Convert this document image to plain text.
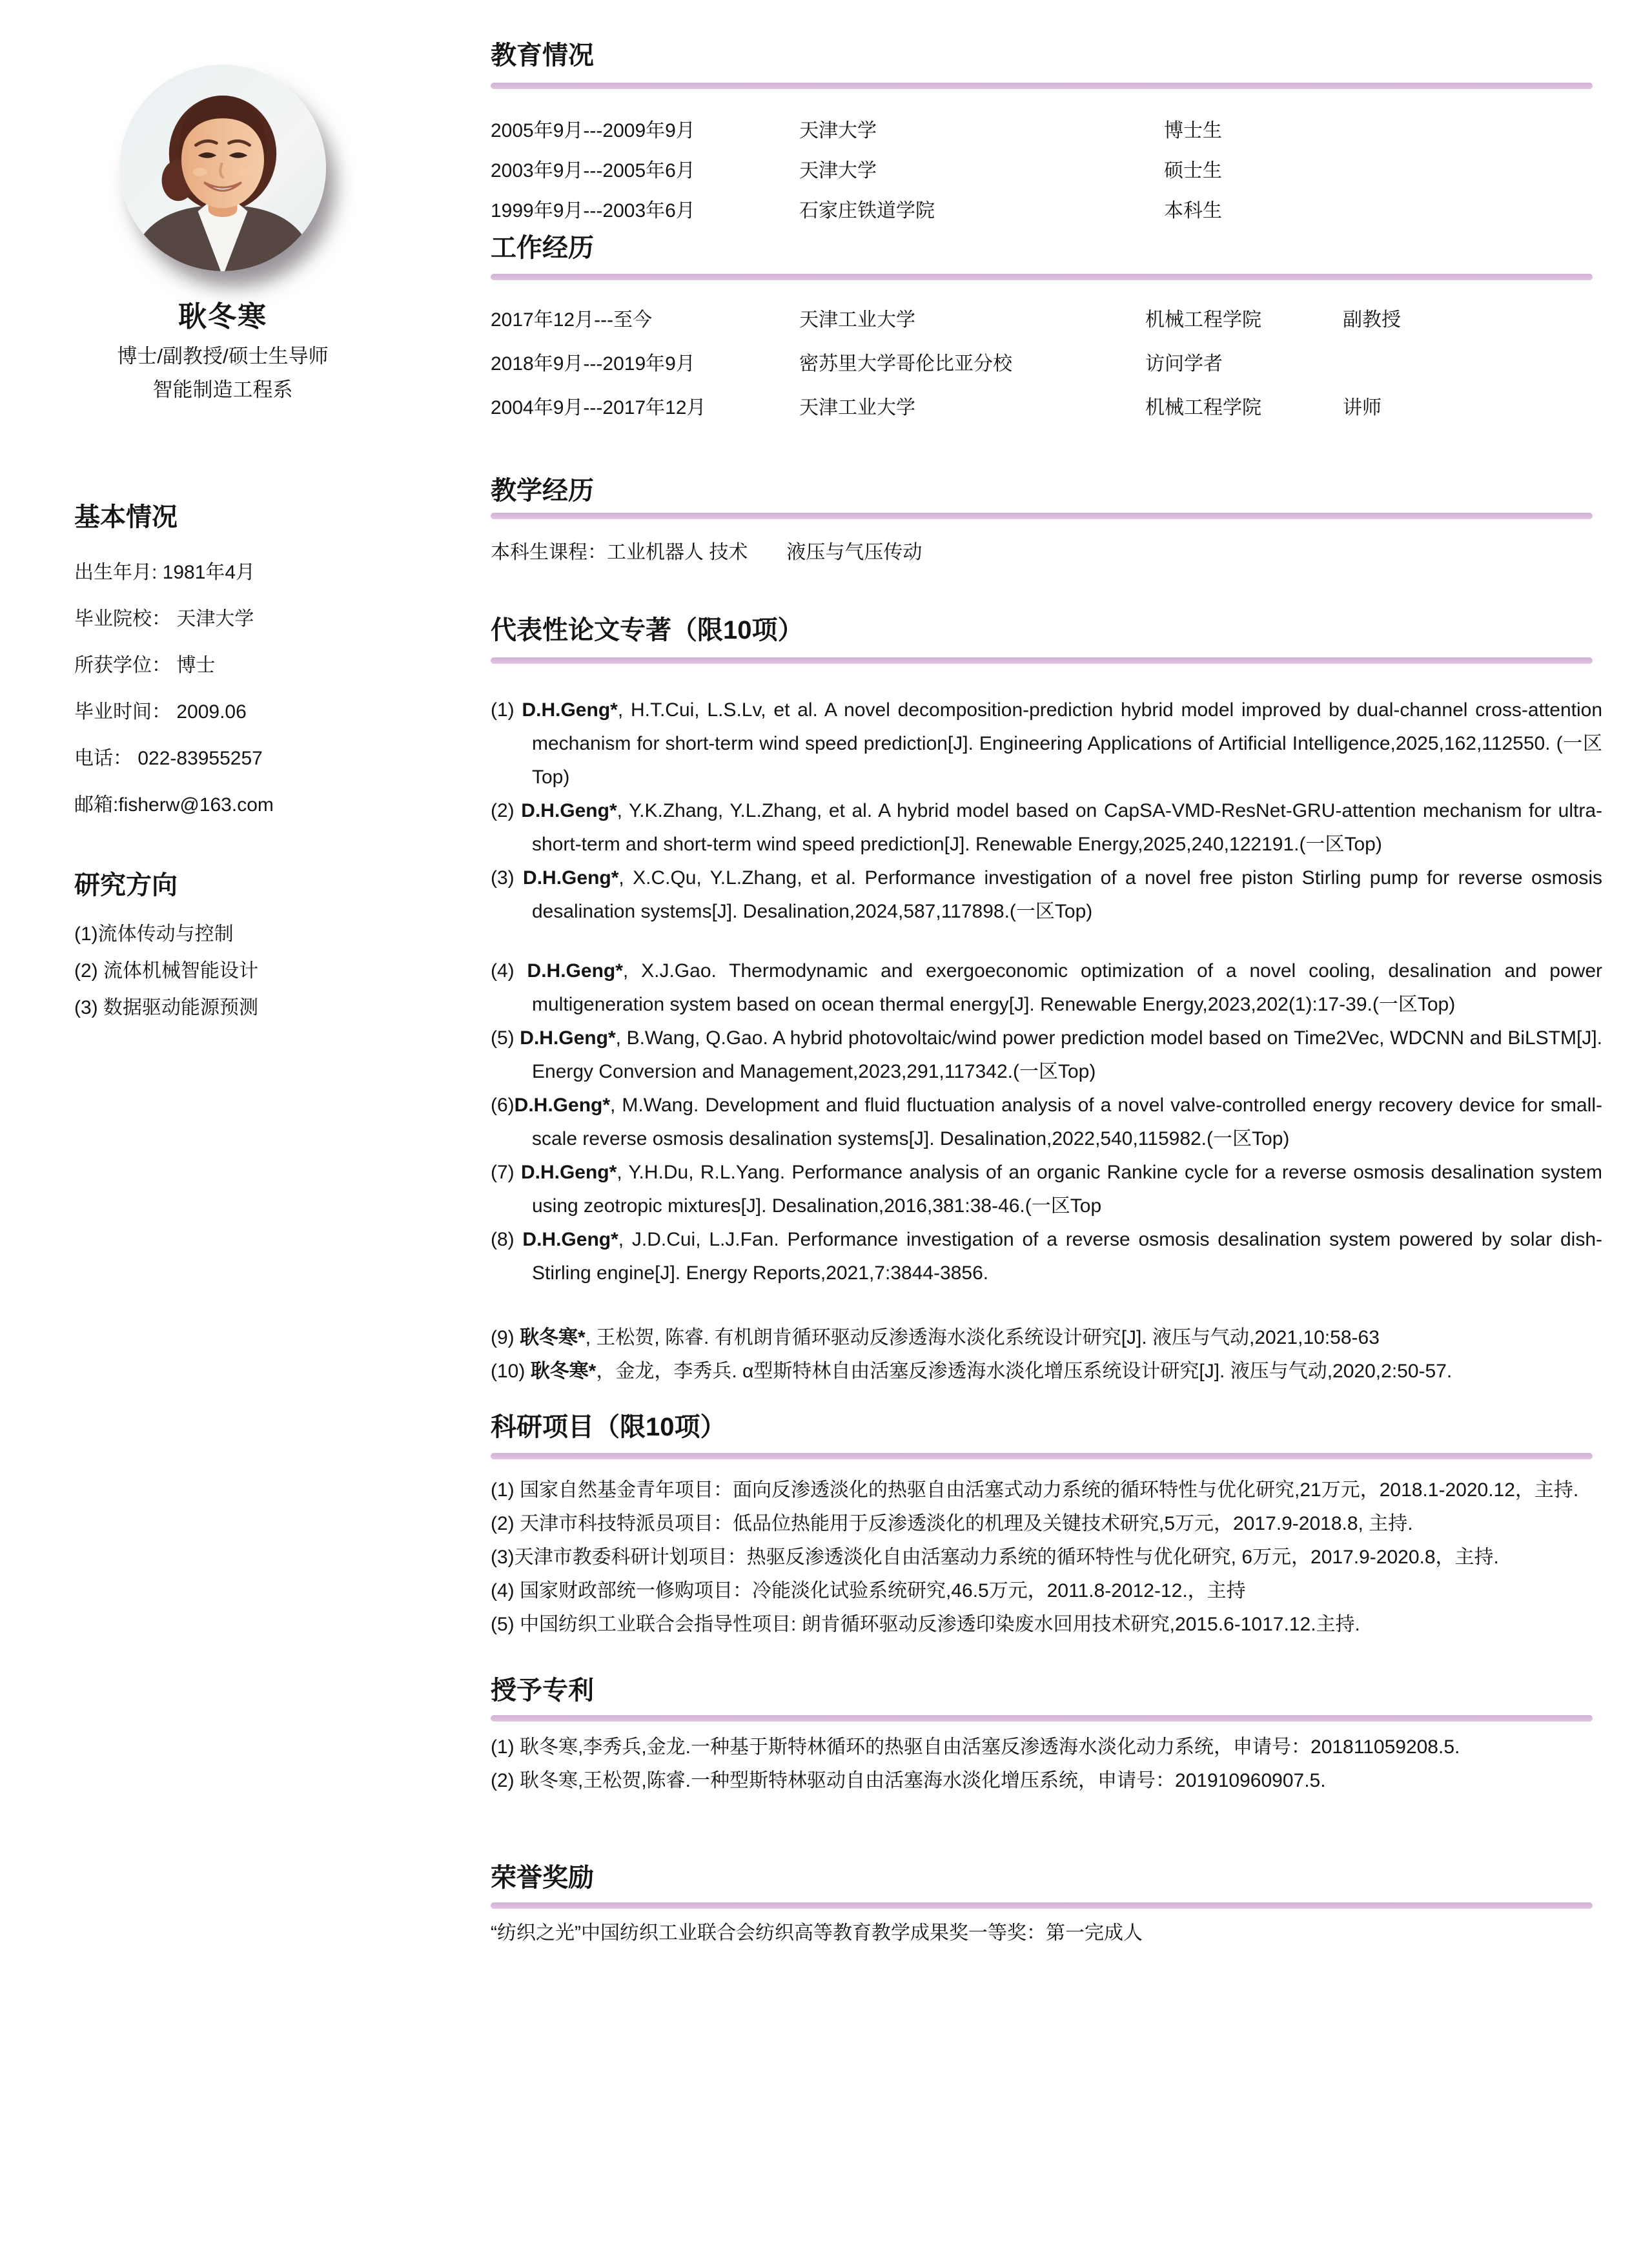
耿冬寒
博士/副教授/硕士生导师
智能制造工程系
基本情况
出生年月: 1981年4月
毕业院校： 天津大学
所获学位： 博士
毕业时间： 2009.06
电话： 022-83955257
邮箱:fisherw@163.com
研究方向
(1)流体传动与控制
(2) 流体机械智能设计
(3) 数据驱动能源预测
教育情况
2005年9月---2009年9月	天津大学	博士生
2003年9月---2005年6月	天津大学	硕士生
1999年9月---2003年6月	石家庄铁道学院	本科生
工作经历
2017年12月---至今	天津工业大学	机械工程学院	副教授
2018年9月---2019年9月	密苏里大学哥伦比亚分校	访问学者
2004年9月---2017年12月	天津工业大学	机械工程学院	讲师
教学经历
本科生课程：工业机器人 技术　　液压与气压传动
代表性论文专著（限10项）
(1) D.H.Geng*, H.T.Cui, L.S.Lv, et al. A novel decomposition-prediction hybrid model improved by dual-channel cross-attention mechanism for short-term wind speed prediction[J]. Engineering Applications of Artificial Intelligence,2025,162,112550. (一区Top)
(2) D.H.Geng*, Y.K.Zhang, Y.L.Zhang, et al. A hybrid model based on CapSA-VMD-ResNet-GRU-attention mechanism for ultra-short-term and short-term wind speed prediction[J]. Renewable Energy,2025,240,122191.(一区Top)
(3) D.H.Geng*, X.C.Qu, Y.L.Zhang, et al. Performance investigation of a novel free piston Stirling pump for reverse osmosis desalination systems[J]. Desalination,2024,587,117898.(一区Top)
(4) D.H.Geng*, X.J.Gao. Thermodynamic and exergoeconomic optimization of a novel cooling, desalination and power multigeneration system based on ocean thermal energy[J]. Renewable Energy,2023,202(1):17-39.(一区Top)
(5) D.H.Geng*, B.Wang, Q.Gao. A hybrid photovoltaic/wind power prediction model based on Time2Vec, WDCNN and BiLSTM[J]. Energy Conversion and Management,2023,291,117342.(一区Top)
(6)D.H.Geng*, M.Wang. Development and fluid fluctuation analysis of a novel valve-controlled energy recovery device for small-scale reverse osmosis desalination systems[J]. Desalination,2022,540,115982.(一区Top)
(7) D.H.Geng*, Y.H.Du, R.L.Yang. Performance analysis of an organic Rankine cycle for a reverse osmosis desalination system using zeotropic mixtures[J]. Desalination,2016,381:38-46.(一区Top
(8) D.H.Geng*, J.D.Cui, L.J.Fan. Performance investigation of a reverse osmosis desalination system powered by solar dish-Stirling engine[J]. Energy Reports,2021,7:3844-3856.
(9) 耿冬寒*, 王松贺, 陈睿. 有机朗肯循环驱动反渗透海水淡化系统设计研究[J]. 液压与气动,2021,10:58-63
(10) 耿冬寒*，金龙，李秀兵. α型斯特林自由活塞反渗透海水淡化增压系统设计研究[J]. 液压与气动,2020,2:50-57.
科研项目（限10项）
(1) 国家自然基金青年项目：面向反渗透淡化的热驱自由活塞式动力系统的循环特性与优化研究,21万元，2018.1-2020.12，主持.
(2) 天津市科技特派员项目：低品位热能用于反渗透淡化的机理及关键技术研究,5万元，2017.9-2018.8, 主持.
(3)天津市教委科研计划项目：热驱反渗透淡化自由活塞动力系统的循环特性与优化研究, 6万元，2017.9-2020.8，主持.
(4) 国家财政部统一修购项目：冷能淡化试验系统研究,46.5万元，2011.8-2012-12.，主持
(5) 中国纺织工业联合会指导性项目: 朗肯循环驱动反渗透印染废水回用技术研究,2015.6-1017.12.主持.
授予专利
(1) 耿冬寒,李秀兵,金龙.一种基于斯特林循环的热驱自由活塞反渗透海水淡化动力系统，申请号：201811059208.5.
(2) 耿冬寒,王松贺,陈睿.一种型斯特林驱动自由活塞海水淡化增压系统，申请号：201910960907.5.
荣誉奖励
“纺织之光”中国纺织工业联合会纺织高等教育教学成果奖一等奖：第一完成人
